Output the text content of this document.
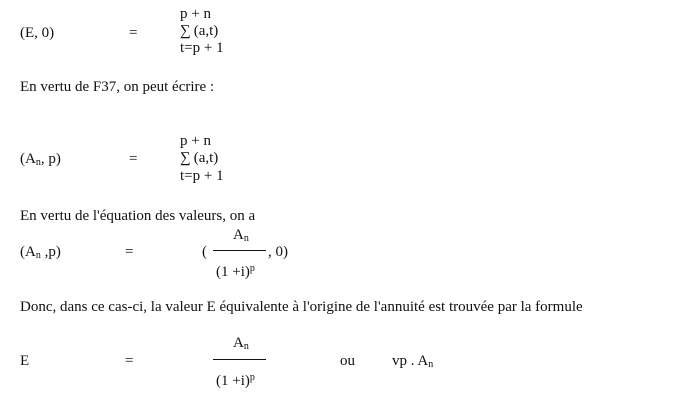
(E, 0)	=
p + n
∑ (a,t)
t=p + 1
En vertu de F37, on peut écrire :
($A_n$, p)	=
p + n
∑ (a,t)
t=p + 1
En vertu de l'équation des valeurs, on a
($A_n$ ,p)	=	(
$A_n$
, 0)
$(1 +i)^p$
Donc, dans ce cas-ci, la valeur E équivalente à l'origine de l'annuité est trouvée par la formule
E	=
$A_n$
$(1 +i)^p$
ou vp . $A_n$
